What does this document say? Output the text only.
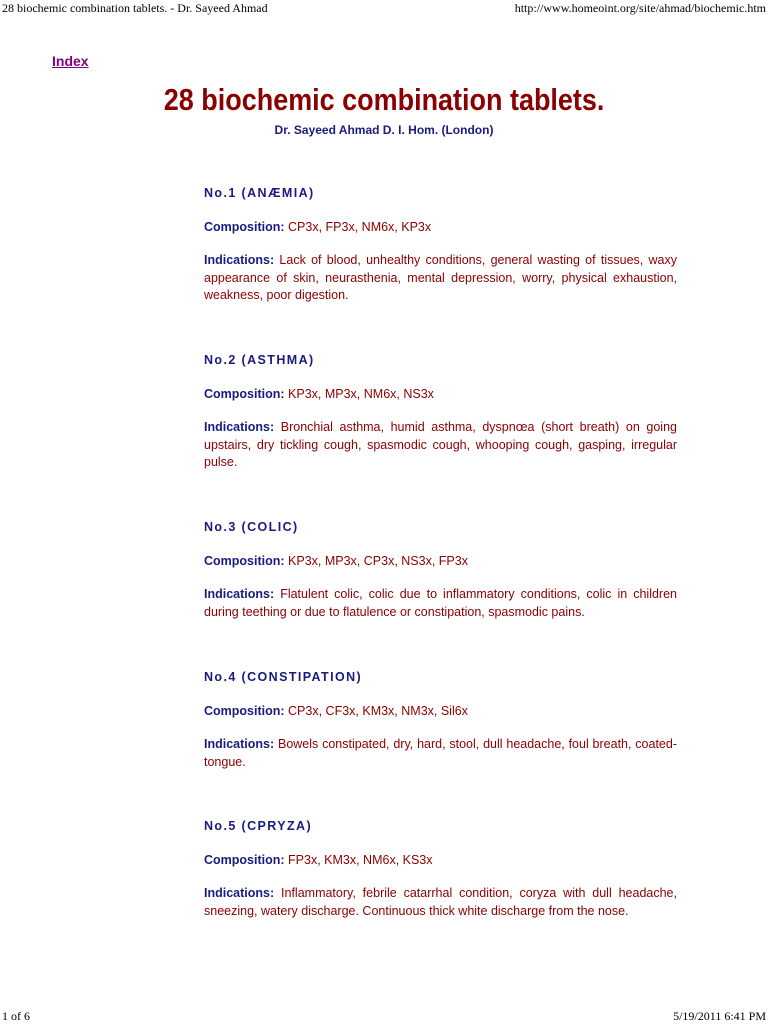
28 biochemic combination tablets. - Dr. Sayeed Ahmad	http://www.homeoint.org/site/ahmad/biochemic.htm
Index
28 biochemic combination tablets.
Dr. Sayeed Ahmad D. I. Hom. (London)
No.1 (ANÆMIA)
Composition: CP3x, FP3x, NM6x, KP3x
Indications: Lack of blood, unhealthy conditions, general wasting of tissues, waxy appearance of skin, neurasthenia, mental depression, worry, physical exhaustion, weakness, poor digestion.
No.2 (ASTHMA)
Composition: KP3x, MP3x, NM6x, NS3x
Indications: Bronchial asthma, humid asthma, dyspnœa (short breath) on going upstairs, dry tickling cough, spasmodic cough, whooping cough, gasping, irregular pulse.
No.3 (COLIC)
Composition: KP3x, MP3x, CP3x, NS3x, FP3x
Indications: Flatulent colic, colic due to inflammatory conditions, colic in children during teething or due to flatulence or constipation, spasmodic pains.
No.4 (CONSTIPATION)
Composition: CP3x, CF3x, KM3x, NM3x, Sil6x
Indications: Bowels constipated, dry, hard, stool, dull headache, foul breath, coated-tongue.
No.5 (CPRYZA)
Composition: FP3x, KM3x, NM6x, KS3x
Indications: Inflammatory, febrile catarrhal condition, coryza with dull headache, sneezing, watery discharge. Continuous thick white discharge from the nose.
1 of 6	5/19/2011 6:41 PM
